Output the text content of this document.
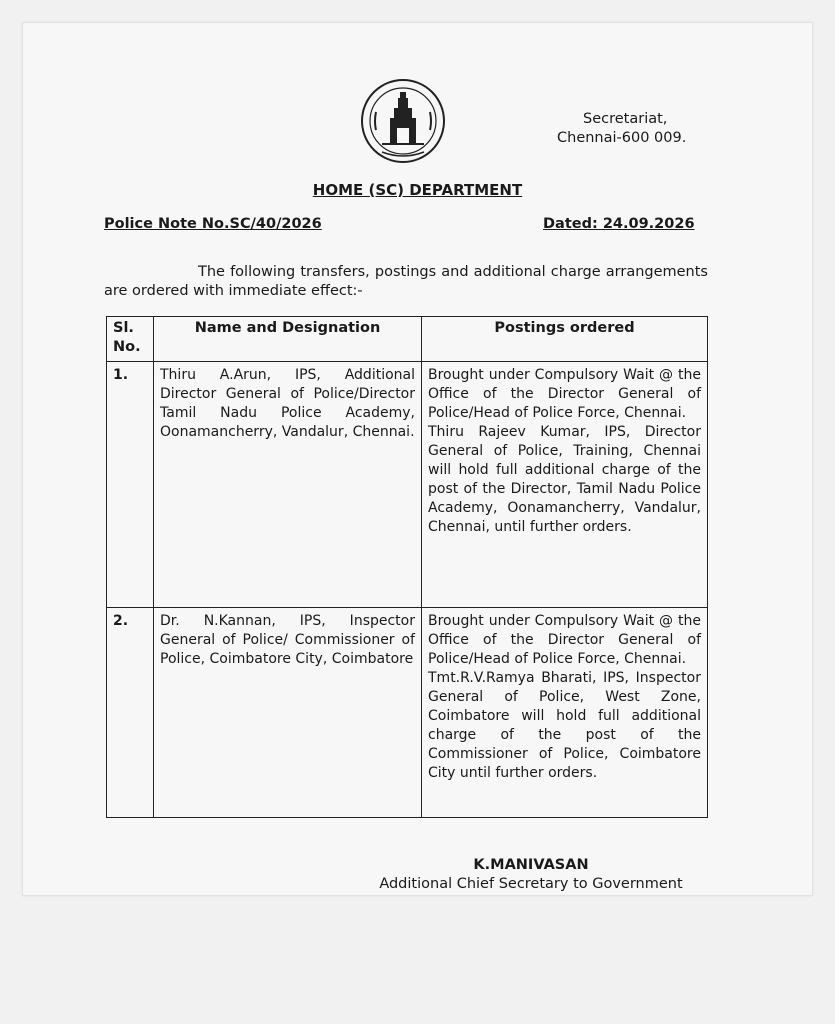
Secretariat,
Chennai-600 009.
HOME (SC) DEPARTMENT
Police Note No.SC/40/2026	Dated: 24.09.2026
The following transfers, postings and additional charge arrangements are ordered with immediate effect:-
Sl. No.	Name and Designation	Postings ordered
1.	Thiru A.Arun, IPS, Additional Director General of Police/Director Tamil Nadu Police Academy, Oonamancherry, Vandalur, Chennai.	Brought under Compulsory Wait @ the Office of the Director General of Police/Head of Police Force, Chennai.
Thiru Rajeev Kumar, IPS, Director General of Police, Training, Chennai will hold full additional charge of the post of the Director, Tamil Nadu Police Academy, Oonamancherry, Vandalur, Chennai, until further orders.

2.	Dr. N.Kannan, IPS, Inspector General of Police/ Commissioner of Police, Coimbatore City, Coimbatore	Brought under Compulsory Wait @ the Office of the Director General of Police/Head of Police Force, Chennai.
Tmt.R.V.Ramya Bharati, IPS, Inspector General of Police, West Zone, Coimbatore will hold full additional charge of the post of the Commissioner of Police, Coimbatore City until further orders.
K.MANIVASAN
Additional Chief Secretary to Government
